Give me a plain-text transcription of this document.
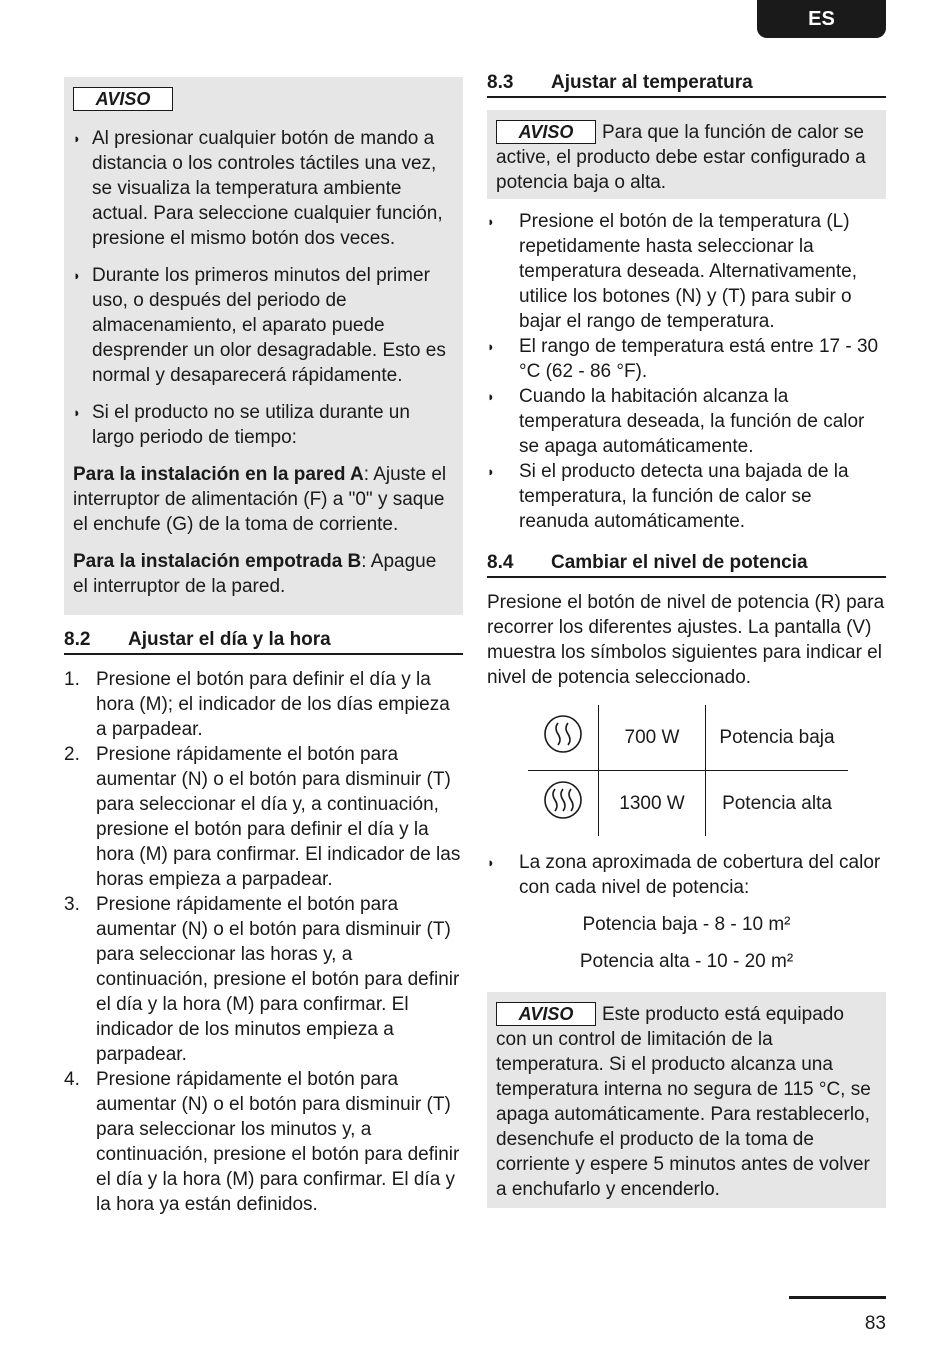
ES
AVISO
◗ Al presionar cualquier botón de mando a distancia o los controles táctiles una vez, se visualiza la temperatura ambiente actual. Para seleccione cualquier función, presione el mismo botón dos veces.
◗ Durante los primeros minutos del primer uso, o después del periodo de almacenamiento, el aparato puede desprender un olor desagradable. Esto es normal y desaparecerá rápidamente.
◗ Si el producto no se utiliza durante un largo periodo de tiempo:
Para la instalación en la pared A: Ajuste el interruptor de alimentación (F) a "0" y saque el enchufe (G) de la toma de corriente.
Para la instalación empotrada B: Apague el interruptor de la pared.
8.2	Ajustar el día y la hora
1. Presione el botón para definir el día y la hora (M); el indicador de los días empieza a parpadear.
2. Presione rápidamente el botón para aumentar (N) o el botón para disminuir (T) para seleccionar el día y, a continuación, presione el botón para definir el día y la hora (M) para confirmar. El indicador de las horas empieza a parpadear.
3. Presione rápidamente el botón para aumentar (N) o el botón para disminuir (T) para seleccionar las horas y, a continuación, presione el botón para definir el día y la hora (M) para confirmar. El indicador de los minutos empieza a parpadear.
4. Presione rápidamente el botón para aumentar (N) o el botón para disminuir (T) para seleccionar los minutos y, a continuación, presione el botón para definir el día y la hora (M) para confirmar. El día y la hora ya están definidos.
8.3	Ajustar al temperatura
AVISO Para que la función de calor se active, el producto debe estar configurado a potencia baja o alta.
◗ Presione el botón de la temperatura (L) repetidamente hasta seleccionar la temperatura deseada. Alternativamente, utilice los botones (N) y (T) para subir o bajar el rango de temperatura.
◗ El rango de temperatura está entre 17 - 30 °C (62 - 86 °F).
◗ Cuando la habitación alcanza la temperatura deseada, la función de calor se apaga automáticamente.
◗ Si el producto detecta una bajada de la temperatura, la función de calor se reanuda automáticamente.
8.4	Cambiar el nivel de potencia
Presione el botón de nivel de potencia (R) para recorrer los diferentes ajustes. La pantalla (V) muestra los símbolos siguientes para indicar el nivel de potencia seleccionado.
	700 W	Potencia baja
	1300 W	Potencia alta
◗ La zona aproximada de cobertura del calor con cada nivel de potencia:
Potencia baja - 8 - 10 m²
Potencia alta - 10 - 20 m²
AVISO Este producto está equipado con un control de limitación de la temperatura. Si el producto alcanza una temperatura interna no segura de 115 °C, se apaga automáticamente. Para restablecerlo, desenchufe el producto de la toma de corriente y espere 5 minutos antes de volver a enchufarlo y encenderlo.
83
